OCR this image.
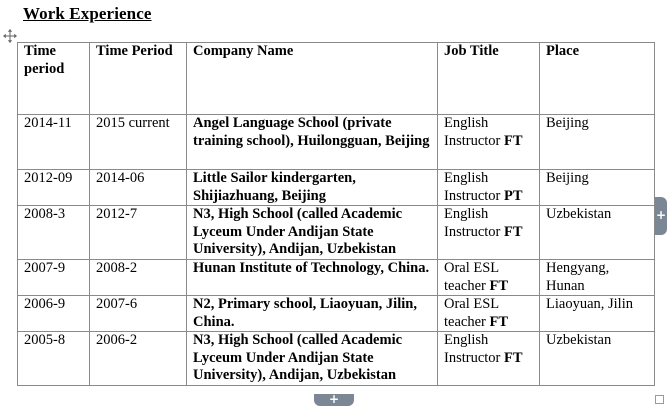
Work Experience
Time period	Time Period	Company Name	Job Title	Place
2014-11	2015 current	Angel Language School (private training school), Huilongguan, Beijing	English Instructor FT	Beijing
2012-09	2014-06	Little Sailor kindergarten, Shijiazhuang, Beijing	English Instructor PT	Beijing
2008-3	2012-7	N3, High School (called Academic Lyceum Under Andijan State University), Andijan, Uzbekistan	English Instructor FT	Uzbekistan
2007-9	2008-2	Hunan Institute of Technology, China.	Oral ESL teacher FT	Hengyang, Hunan
2006-9	2007-6	N2, Primary school, Liaoyuan, Jilin, China.	Oral ESL teacher FT	Liaoyuan, Jilin
2005-8	2006-2	N3, High School (called Academic Lyceum Under Andijan State University), Andijan, Uzbekistan	English Instructor FT	Uzbekistan
+
+
